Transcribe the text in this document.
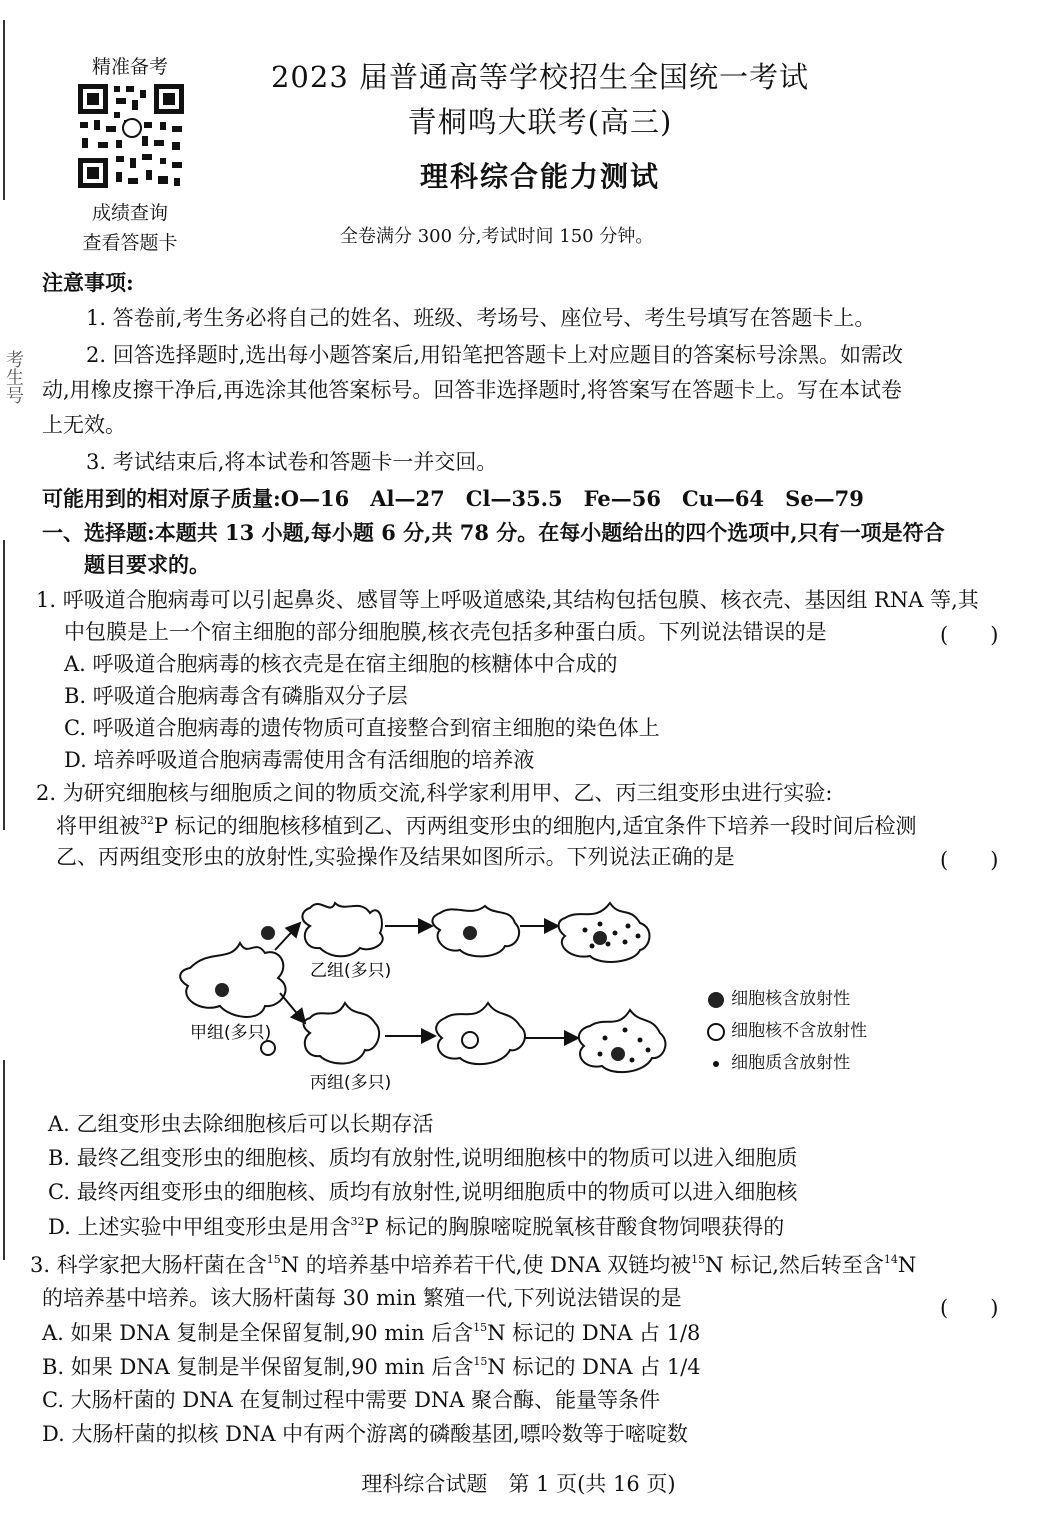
考生号
精准备考
成绩查询
查看答题卡
2023 届普通高等学校招生全国统一考试
青桐鸣大联考(高三)
理科综合能力测试
全卷满分 300 分,考试时间 150 分钟。
注意事项:
1. 答卷前,考生务必将自己的姓名、班级、考场号、座位号、考生号填写在答题卡上。
2. 回答选择题时,选出每小题答案后,用铅笔把答题卡上对应题目的答案标号涂黑。如需改
动,用橡皮擦干净后,再选涂其他答案标号。回答非选择题时,将答案写在答题卡上。写在本试卷
上无效。
3. 考试结束后,将本试卷和答题卡一并交回。
可能用到的相对原子质量:O—16　Al—27　Cl—35.5　Fe—56　Cu—64　Se—79
一、选择题:本题共 13 小题,每小题 6 分,共 78 分。在每小题给出的四个选项中,只有一项是符合
题目要求的。
1. 呼吸道合胞病毒可以引起鼻炎、感冒等上呼吸道感染,其结构包括包膜、核衣壳、基因组 RNA 等,其
中包膜是上一个宿主细胞的部分细胞膜,核衣壳包括多种蛋白质。下列说法错误的是	(　　)
A. 呼吸道合胞病毒的核衣壳是在宿主细胞的核糖体中合成的
B. 呼吸道合胞病毒含有磷脂双分子层
C. 呼吸道合胞病毒的遗传物质可直接整合到宿主细胞的染色体上
D. 培养呼吸道合胞病毒需使用含有活细胞的培养液
2. 为研究细胞核与细胞质之间的物质交流,科学家利用甲、乙、丙三组变形虫进行实验:
将甲组被$^{32}$P 标记的细胞核移植到乙、丙两组变形虫的细胞内,适宜条件下培养一段时间后检测
乙、丙两组变形虫的放射性,实验操作及结果如图所示。下列说法正确的是	(　　)
乙组(多只)
甲组(多只)
丙组(多只)
细胞核含放射性
细胞核不含放射性
细胞质含放射性
A. 乙组变形虫去除细胞核后可以长期存活
B. 最终乙组变形虫的细胞核、质均有放射性,说明细胞核中的物质可以进入细胞质
C. 最终丙组变形虫的细胞核、质均有放射性,说明细胞质中的物质可以进入细胞核
D. 上述实验中甲组变形虫是用含$^{32}$P 标记的胸腺嘧啶脱氧核苷酸食物饲喂获得的
3. 科学家把大肠杆菌在含$^{15}$N 的培养基中培养若干代,使 DNA 双链均被$^{15}$N 标记,然后转至含$^{14}$N
的培养基中培养。该大肠杆菌每 30 min 繁殖一代,下列说法错误的是	(　　)
A. 如果 DNA 复制是全保留复制,90 min 后含$^{15}$N 标记的 DNA 占 1/8
B. 如果 DNA 复制是半保留复制,90 min 后含$^{15}$N 标记的 DNA 占 1/4
C. 大肠杆菌的 DNA 在复制过程中需要 DNA 聚合酶、能量等条件
D. 大肠杆菌的拟核 DNA 中有两个游离的磷酸基团,嘌呤数等于嘧啶数
理科综合试题　第 1 页(共 16 页)
